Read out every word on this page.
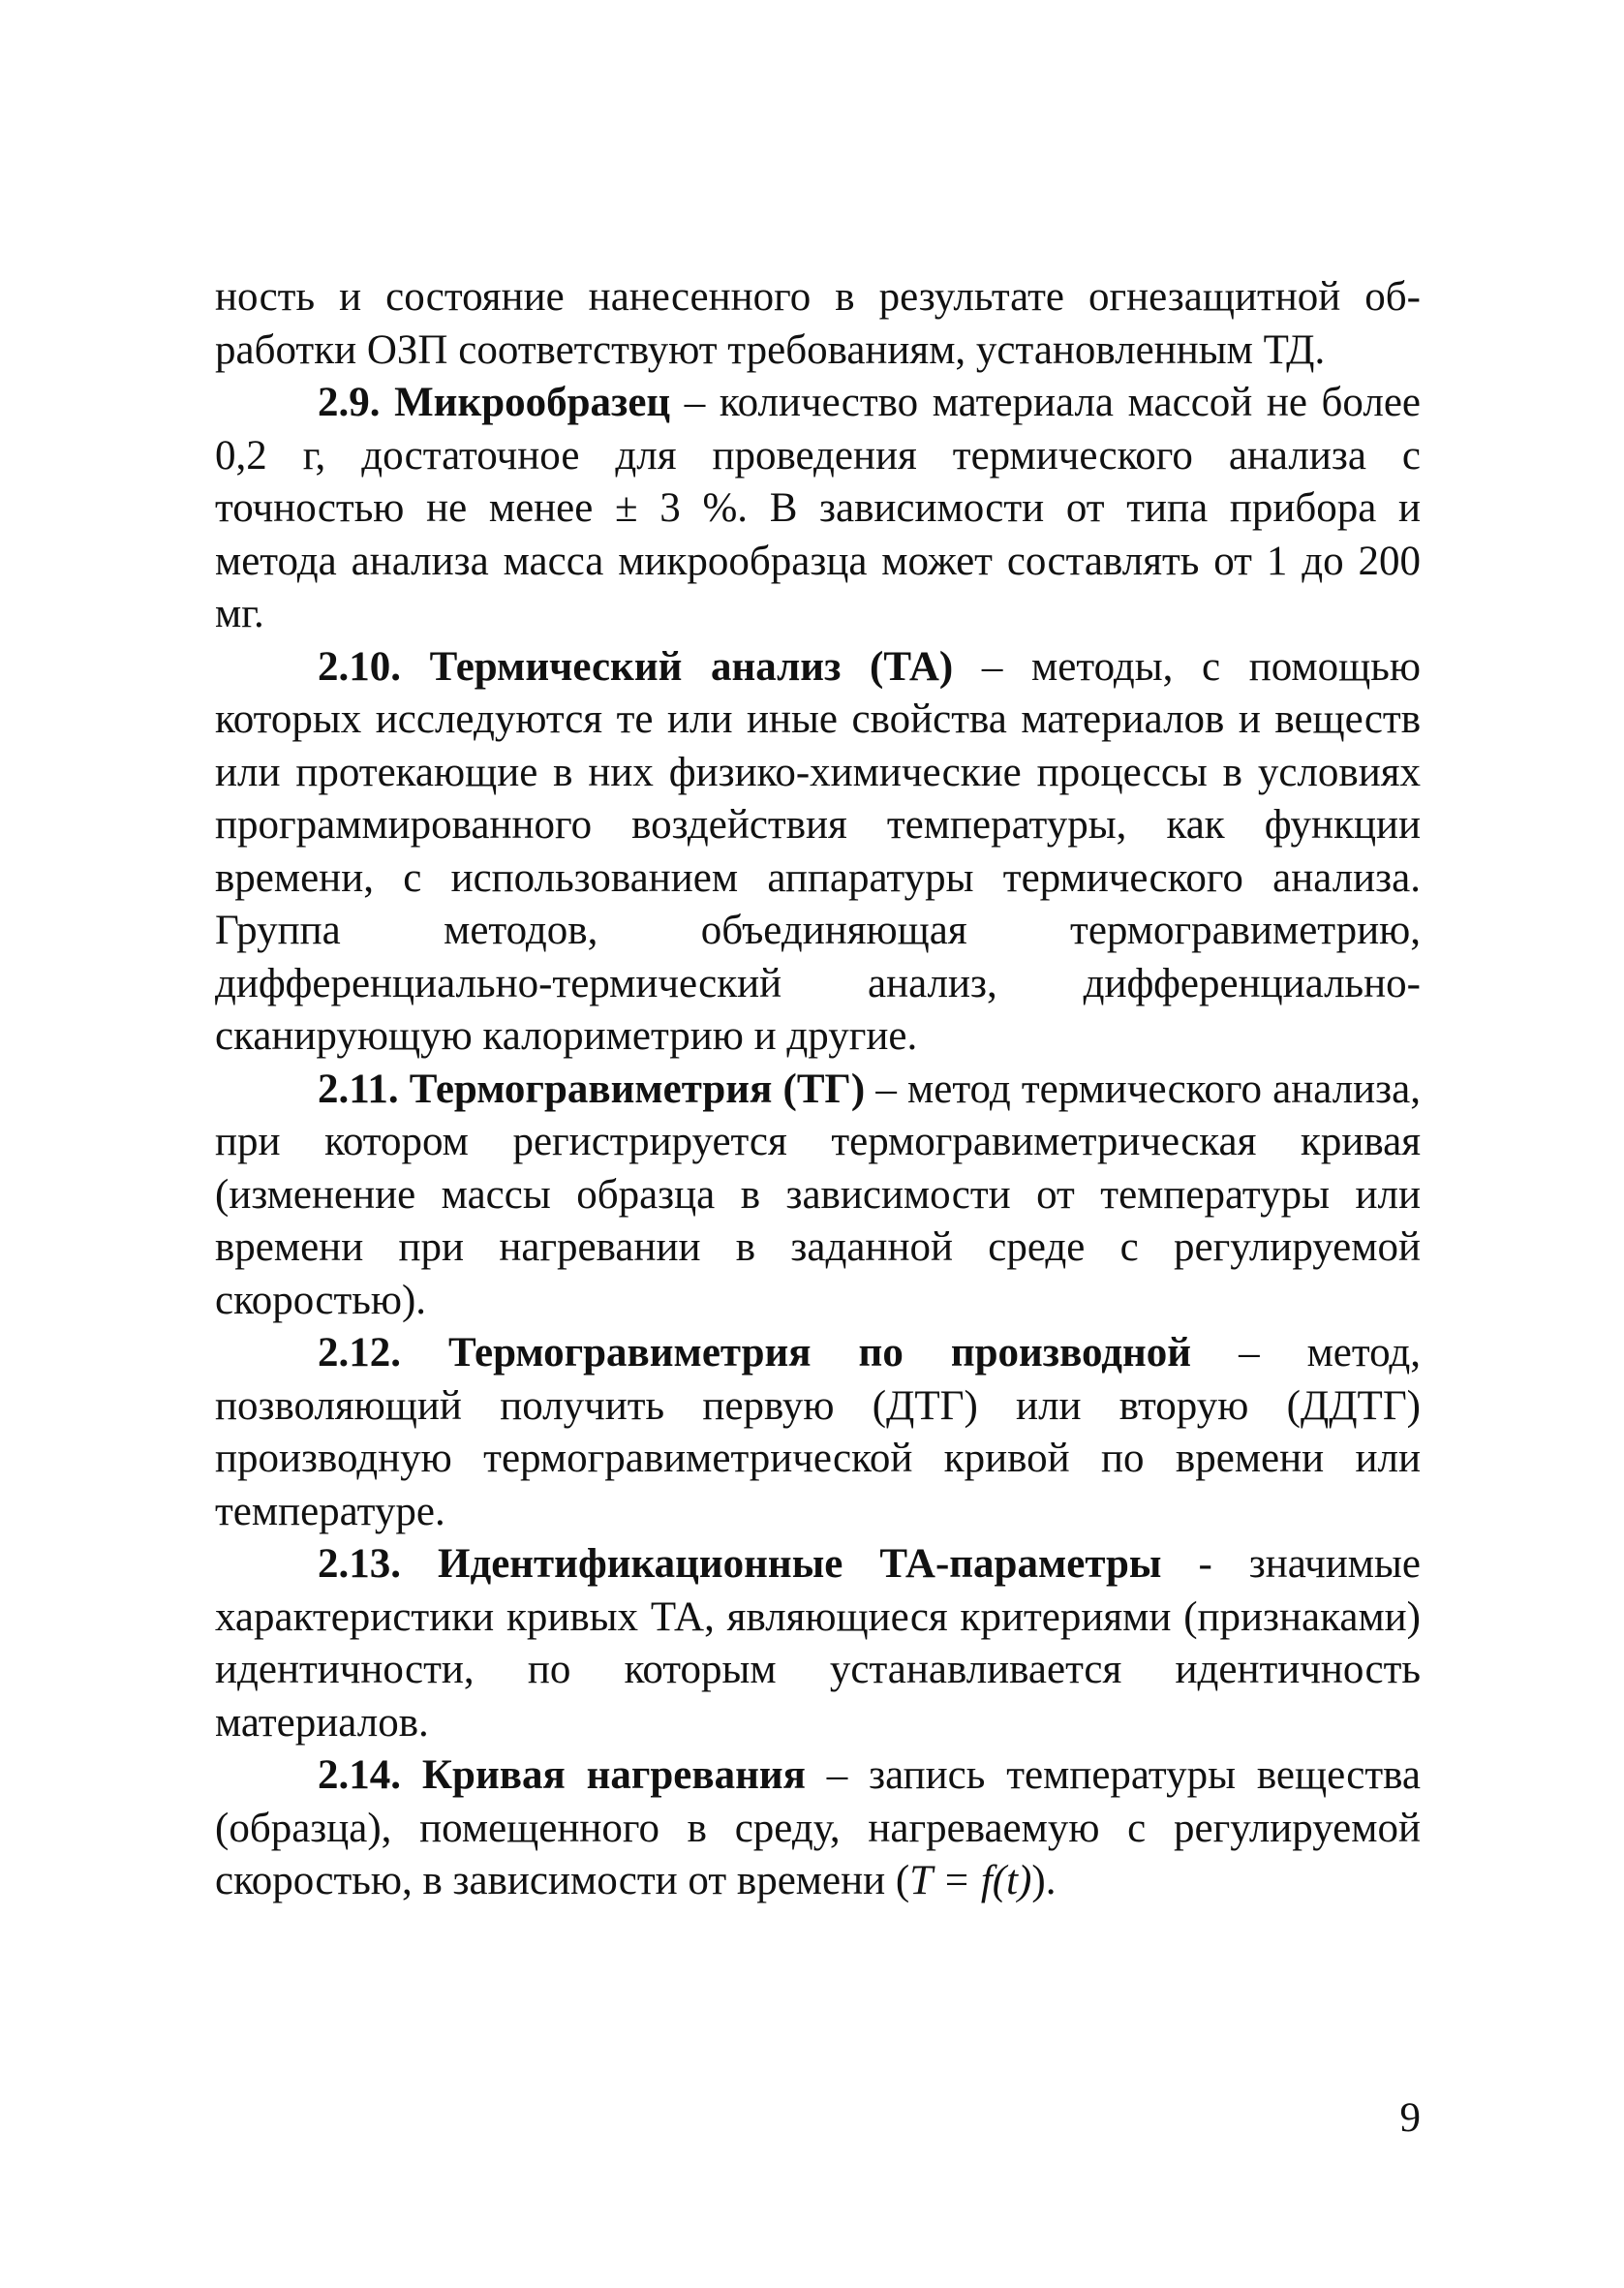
ность и состояние нанесенного в результате огнезащитной обработки ОЗП соответствуют требованиям, установленным ТД.

2.9. Микрообразец – количество материала массой не более 0,2 г, достаточное для проведения термического анализа с точностью не менее ± 3 %. В зависимости от типа прибора и метода анализа масса микрообразца может составлять от 1 до 200 мг.

2.10. Термический анализ (ТА) – методы, с помощью которых исследуются те или иные свойства материалов и веществ или протекающие в них физико-химические процессы в условиях программированного воздействия температуры, как функции времени, с использованием аппаратуры термического анализа. Группа методов, объединяющая термогравиметрию, дифференциально-термический анализ, дифференциально-сканирующую калориметрию и другие.

2.11. Термогравиметрия (ТГ) – метод термического анализа, при котором регистрируется термогравиметрическая кривая (изменение массы образца в зависимости от температуры или времени при нагревании в заданной среде с регулируемой скоростью).

2.12. Термогравиметрия по производной – метод, позволяющий получить первую (ДТГ) или вторую (ДДТГ) производную термогравиметрической кривой по времени или температуре.

2.13. Идентификационные ТА-параметры - значимые характеристики кривых ТА, являющиеся критериями (признаками) идентичности, по которым устанавливается идентичность материалов.

2.14. Кривая нагревания – запись температуры вещества (образца), помещенного в среду, нагреваемую с регулируемой скоростью, в зависимости от времени (T = f(t)).

9
